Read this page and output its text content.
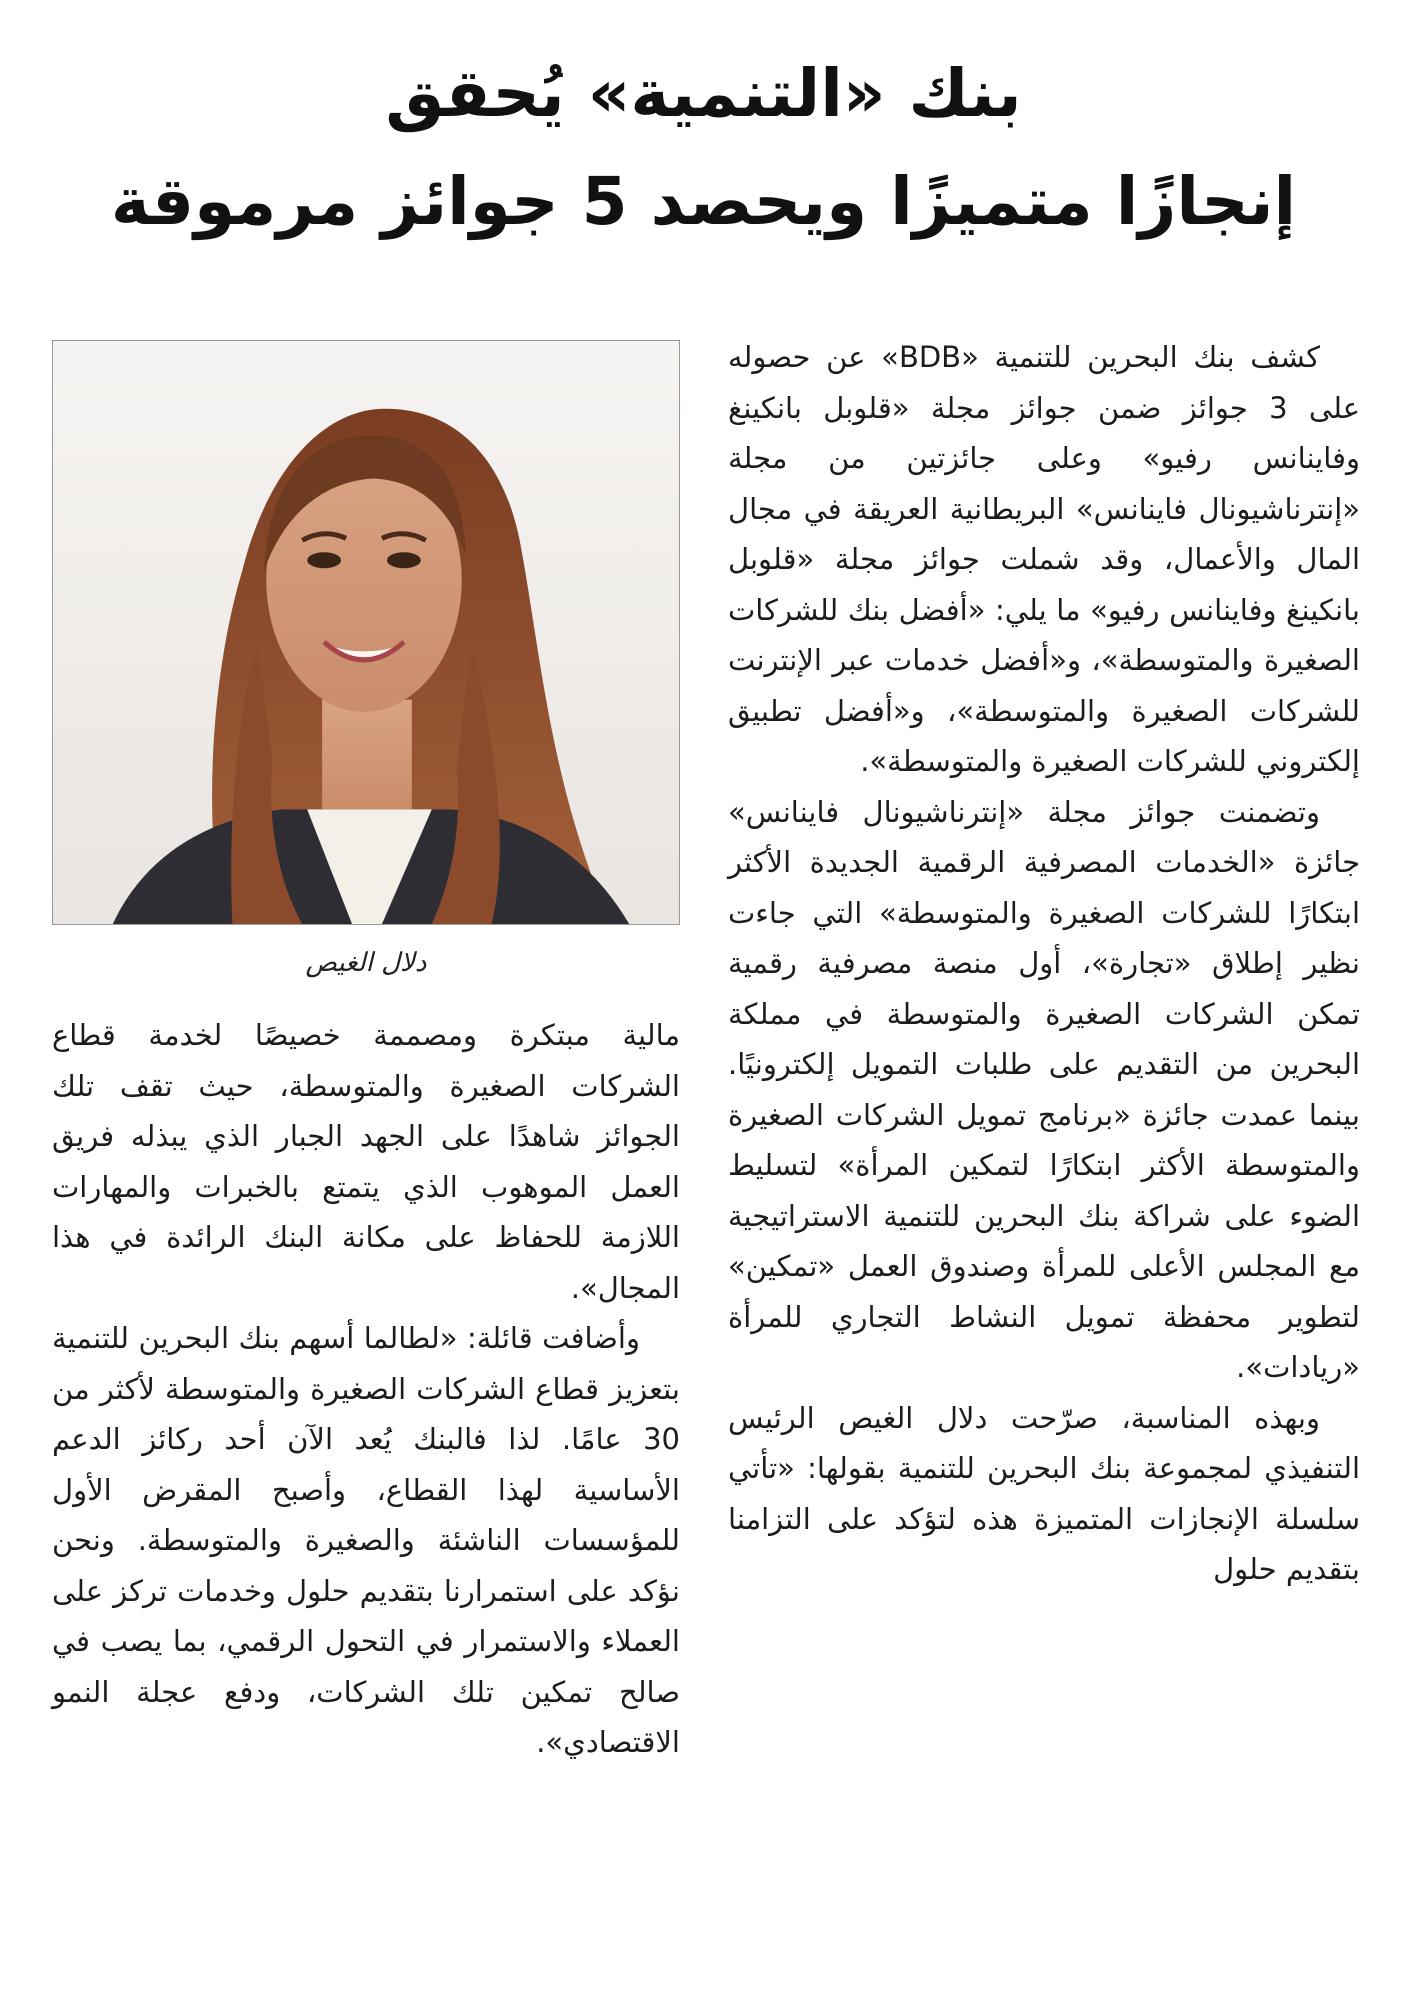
بنك «التنمية» يُحقق
إنجازًا متميزًا ويحصد 5 جوائز مرموقة

كشف بنك البحرين للتنمية «BDB» عن حصوله على 3 جوائز ضمن جوائز مجلة «قلوبل بانكينغ وفاينانس رفيو» وعلى جائزتين من مجلة «إنترناشيونال فاينانس» البريطانية العريقة في مجال المال والأعمال، وقد شملت جوائز مجلة «قلوبل بانكينغ وفاينانس رفيو» ما يلي: «أفضل بنك للشركات الصغيرة والمتوسطة»، و«أفضل خدمات عبر الإنترنت للشركات الصغيرة والمتوسطة»، و«أفضل تطبيق إلكتروني للشركات الصغيرة والمتوسطة».

وتضمنت جوائز مجلة «إنترناشيونال فاينانس» جائزة «الخدمات المصرفية الرقمية الجديدة الأكثر ابتكارًا للشركات الصغيرة والمتوسطة» التي جاءت نظير إطلاق «تجارة»، أول منصة مصرفية رقمية تمكن الشركات الصغيرة والمتوسطة في مملكة البحرين من التقديم على طلبات التمويل إلكترونيًا. بينما عمدت جائزة «برنامج تمويل الشركات الصغيرة والمتوسطة الأكثر ابتكارًا لتمكين المرأة» لتسليط الضوء على شراكة بنك البحرين للتنمية الاستراتيجية مع المجلس الأعلى للمرأة وصندوق العمل «تمكين» لتطوير محفظة تمويل النشاط التجاري للمرأة «ريادات».

وبهذه المناسبة، صرّحت دلال الغيص الرئيس التنفيذي لمجموعة بنك البحرين للتنمية بقولها: «تأتي سلسلة الإنجازات المتميزة هذه لتؤكد على التزامنا بتقديم حلول

دلال الغيص

مالية مبتكرة ومصممة خصيصًا لخدمة قطاع الشركات الصغيرة والمتوسطة، حيث تقف تلك الجوائز شاهدًا على الجهد الجبار الذي يبذله فريق العمل الموهوب الذي يتمتع بالخبرات والمهارات اللازمة للحفاظ على مكانة البنك الرائدة في هذا المجال».

وأضافت قائلة: «لطالما أسهم بنك البحرين للتنمية بتعزيز قطاع الشركات الصغيرة والمتوسطة لأكثر من 30 عامًا. لذا فالبنك يُعد الآن أحد ركائز الدعم الأساسية لهذا القطاع، وأصبح المقرض الأول للمؤسسات الناشئة والصغيرة والمتوسطة. ونحن نؤكد على استمرارنا بتقديم حلول وخدمات تركز على العملاء والاستمرار في التحول الرقمي، بما يصب في صالح تمكين تلك الشركات، ودفع عجلة النمو الاقتصادي».
